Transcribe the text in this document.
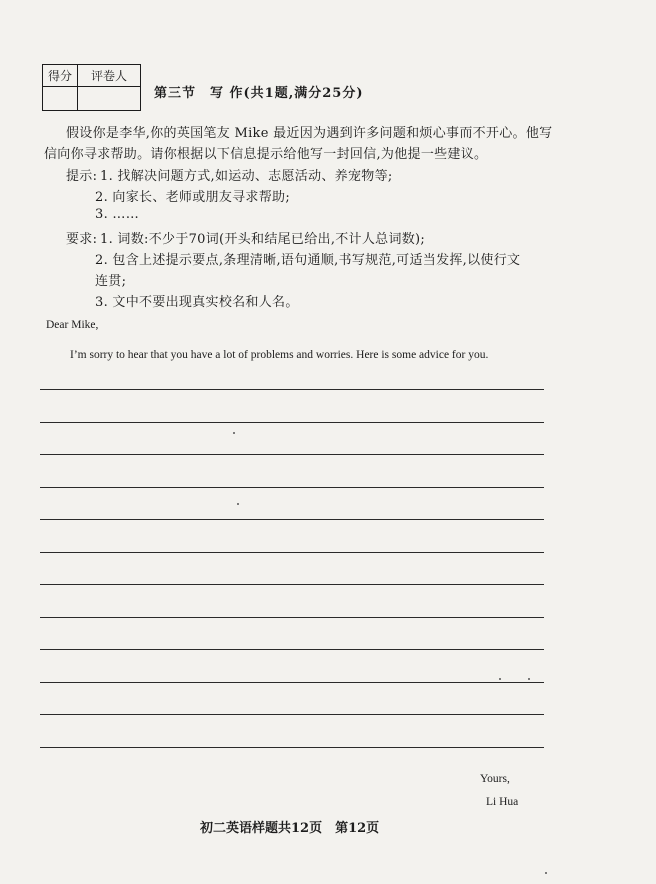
得分	评卷人

第三节　写 作(共1题,满分25分)
假设你是李华,你的英国笔友 Mike 最近因为遇到许多问题和烦心事而不开心。他写
信向你寻求帮助。请你根据以下信息提示给他写一封回信,为他提一些建议。
提示: 1. 找解决问题方式,如运动、志愿活动、养宠物等;
2. 向家长、老师或朋友寻求帮助;
3. ……
要求: 1. 词数:不少于70词(开头和结尾已给出,不计人总词数);
2. 包含上述提示要点,条理清晰,语句通顺,书写规范,可适当发挥,以使行文
连贯;
3. 文中不要出现真实校名和人名。
Dear Mike,
I’m sorry to hear that you have a lot of problems and worries. Here is some advice for you.
Yours,
Li Hua
初二英语样题共12页　第12页
